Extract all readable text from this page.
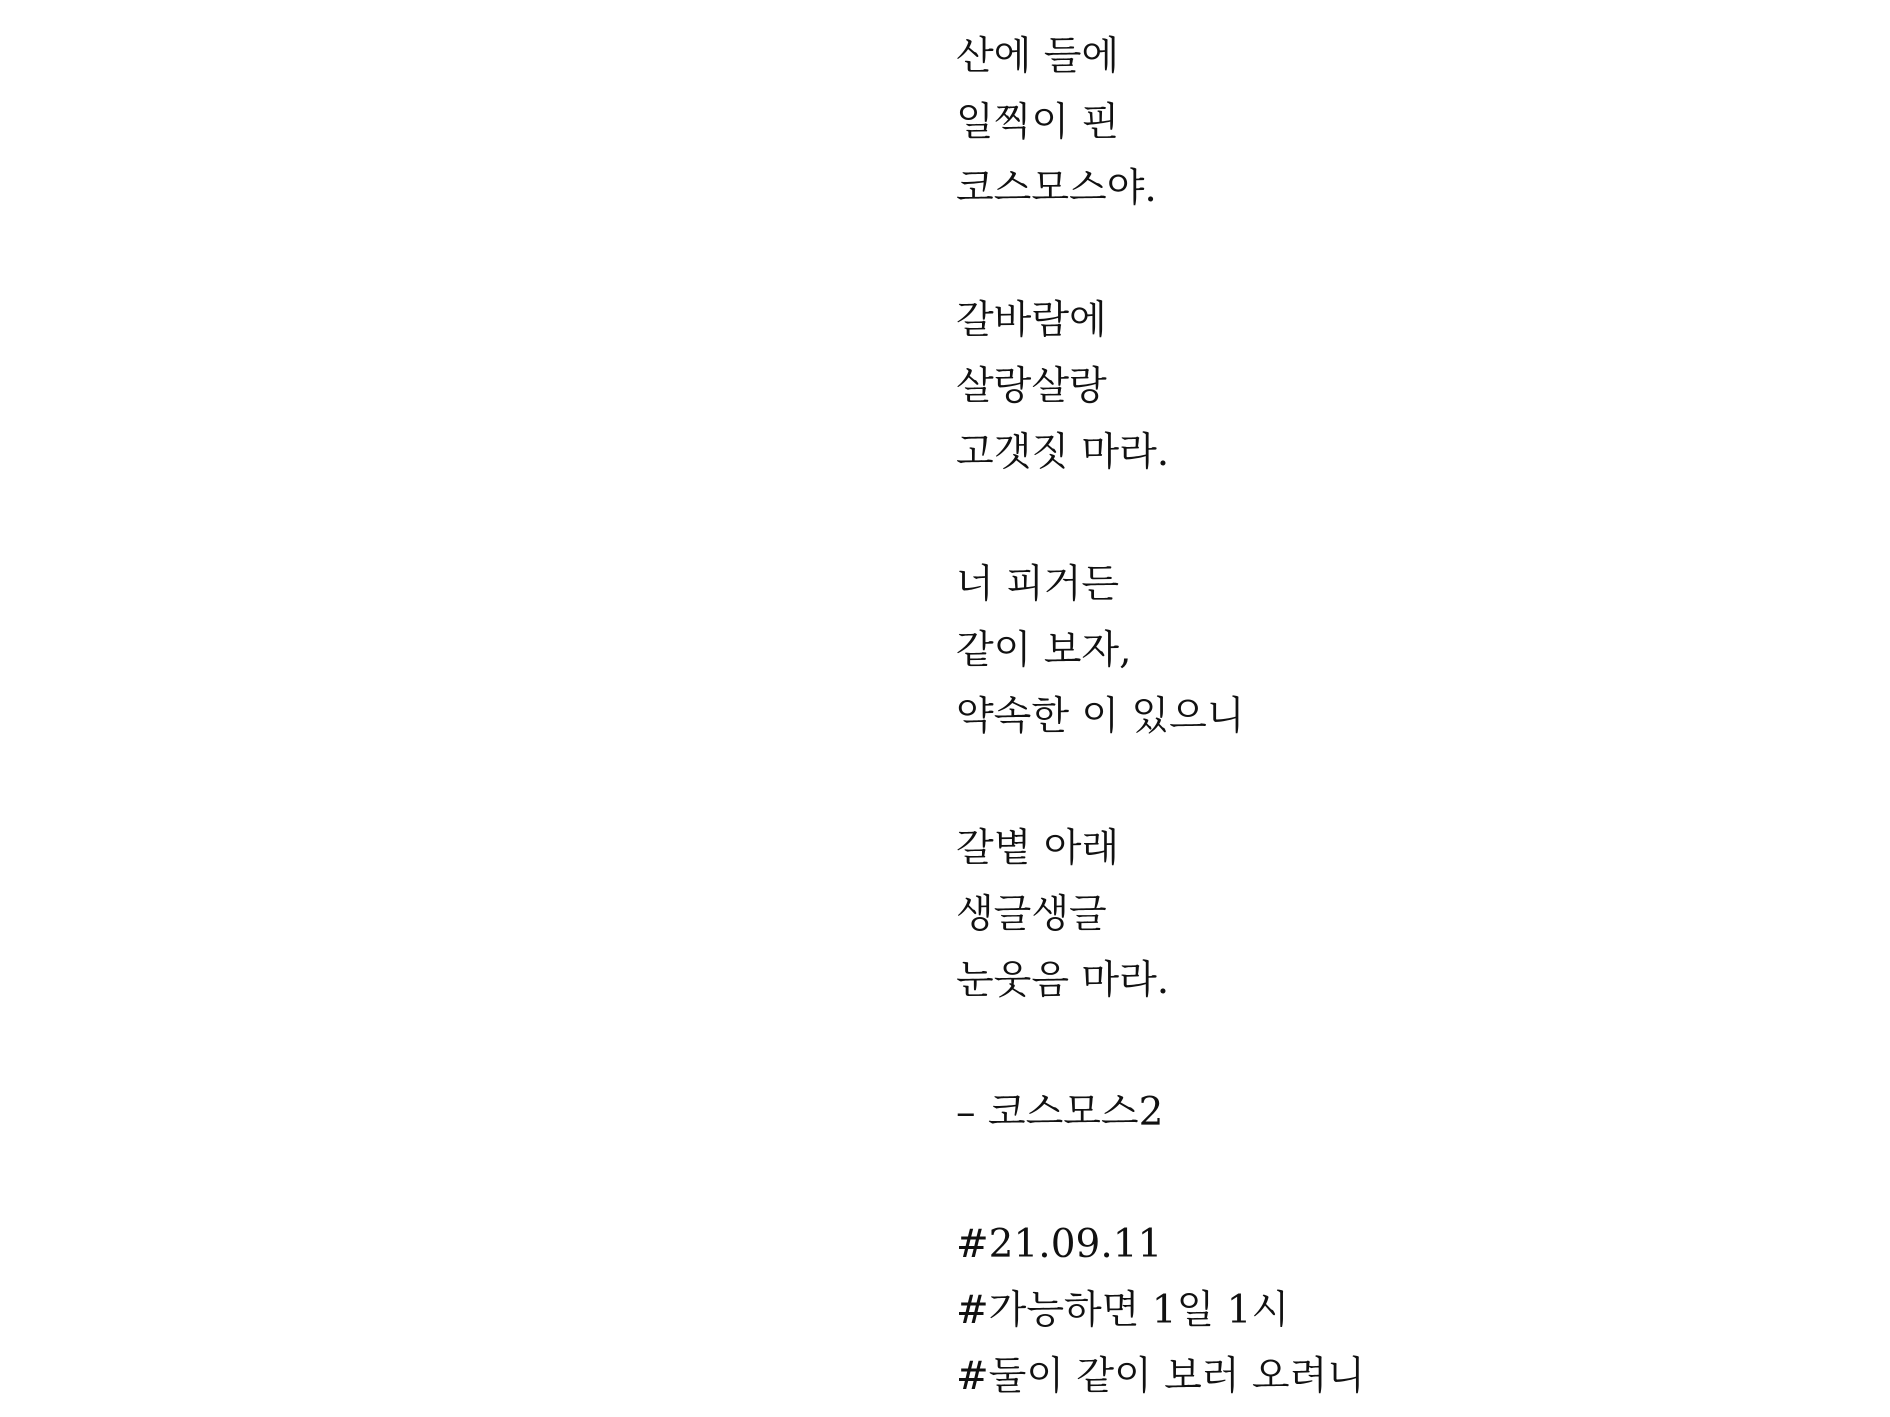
산에 들에
일찍이 핀
코스모스야.
갈바람에
살랑살랑
고갯짓 마라.
너 피거든
같이 보자,
약속한 이 있으니
갈볕 아래
생글생글
눈웃음 마라.
– 코스모스2
#21.09.11
#가능하면 1일 1시
#둘이 같이 보러 오려니
